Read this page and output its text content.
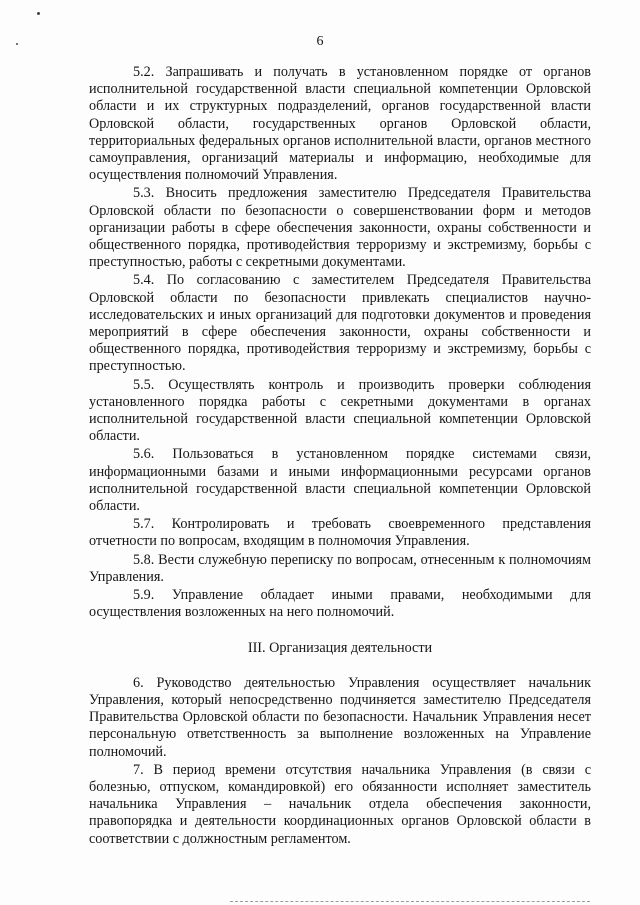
6

5.2. Запрашивать и получать в установленном порядке от органов исполнительной государственной власти специальной компетенции Орловской области и их структурных подразделений, органов государственной власти Орловской области, государственных органов Орловской области, территориальных федеральных органов исполнительной власти, органов местного самоуправления, организаций материалы и информацию, необходимые для осуществления полномочий Управления.

5.3. Вносить предложения заместителю Председателя Правительства Орловской области по безопасности о совершенствовании форм и методов организации работы в сфере обеспечения законности, охраны собственности и общественного порядка, противодействия терроризму и экстремизму, борьбы с преступностью, работы с секретными документами.

5.4. По согласованию с заместителем Председателя Правительства Орловской области по безопасности привлекать специалистов научно-исследовательских и иных организаций для подготовки документов и проведения мероприятий в сфере обеспечения законности, охраны собственности и общественного порядка, противодействия терроризму и экстремизму, борьбы с преступностью.

5.5. Осуществлять контроль и производить проверки соблюдения установленного порядка работы с секретными документами в органах исполнительной государственной власти специальной компетенции Орловской области.

5.6. Пользоваться в установленном порядке системами связи, информационными базами и иными информационными ресурсами органов исполнительной государственной власти специальной компетенции Орловской области.

5.7. Контролировать и требовать своевременного представления отчетности по вопросам, входящим в полномочия Управления.

5.8. Вести служебную переписку по вопросам, отнесенным к полномочиям Управления.

5.9. Управление обладает иными правами, необходимыми для осуществления возложенных на него полномочий.

III. Организация деятельности

6. Руководство деятельностью Управления осуществляет начальник Управления, который непосредственно подчиняется заместителю Председателя Правительства Орловской области по безопасности. Начальник Управления несет персональную ответственность за выполнение возложенных на Управление полномочий.

7. В период времени отсутствия начальника Управления (в связи с болезнью, отпуском, командировкой) его обязанности исполняет заместитель начальника Управления – начальник отдела обеспечения законности, правопорядка и деятельности координационных органов Орловской области в соответствии с должностным регламентом.
